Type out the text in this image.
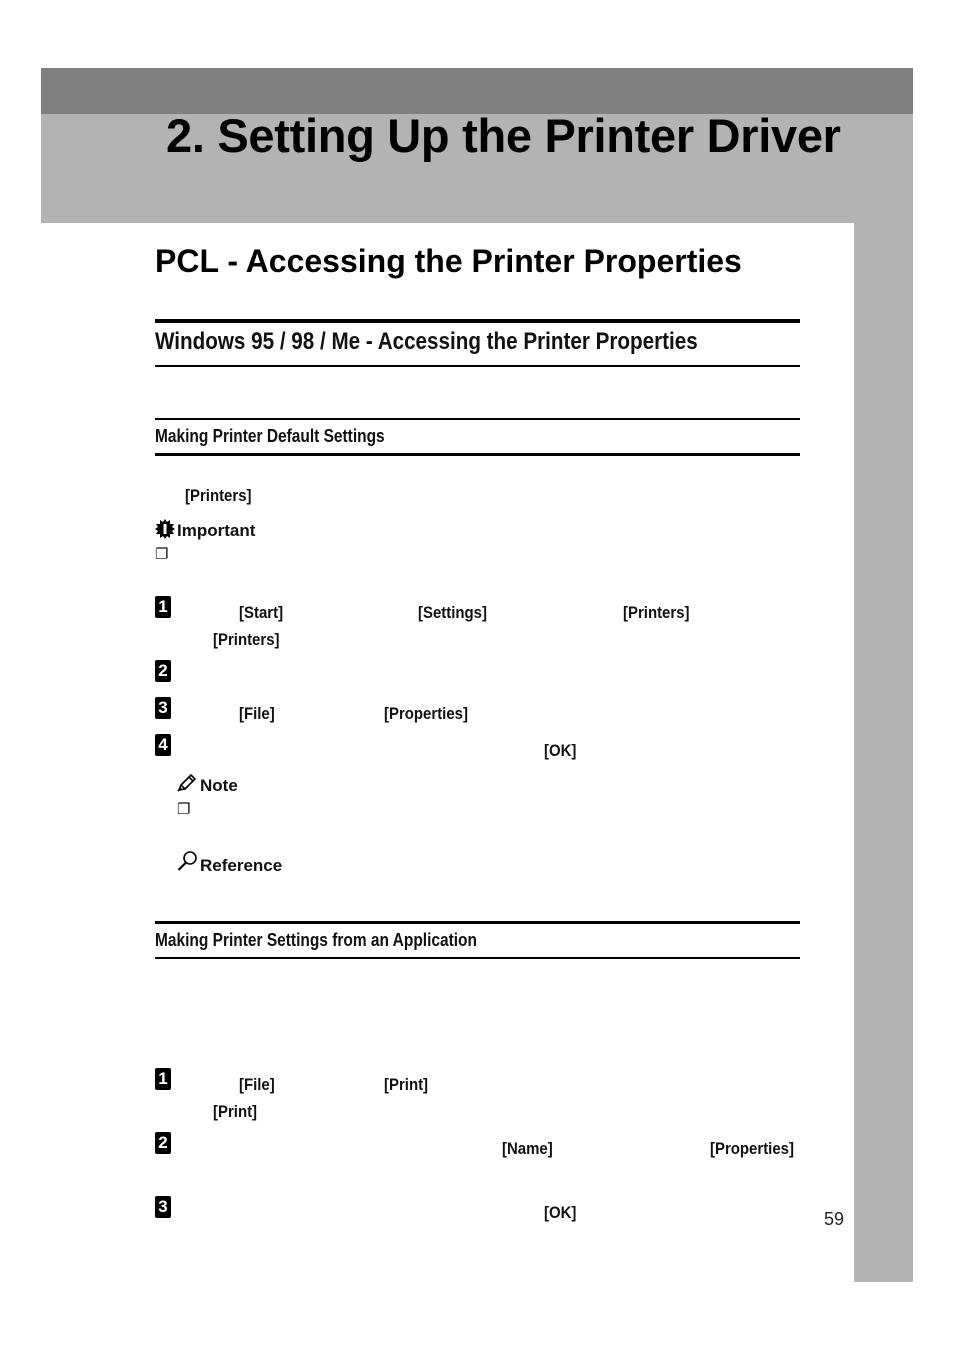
2. Setting Up the Printer Driver
PCL - Accessing the Printer Properties
Windows 95 / 98 / Me - Accessing the Printer Properties
Making Printer Default Settings
[Printers]
Important
❐
1	[Start]	[Settings]	[Printers]
[Printers]
2
3	[File]	[Properties]
4	[OK]
Note
❐
Reference
Making Printer Settings from an Application
1	[File]	[Print]
[Print]
2	[Name]	[Properties]
3	[OK]	59
